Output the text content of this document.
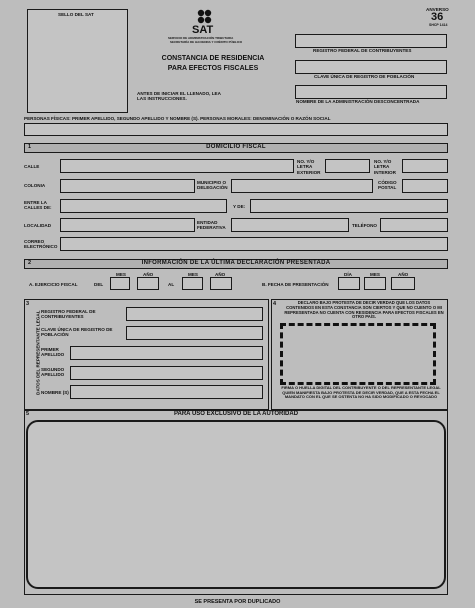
SELLO DEL SAT
SAT
SERVICIO DE ADMINISTRACIÓN TRIBUTARIA
SECRETARÍA DE HACIENDA Y CRÉDITO PÚBLICO
CONSTANCIA DE RESIDENCIA
PARA EFECTOS FISCALES
ANTES DE INICIAR EL LLENADO, LEA LAS INSTRUCCIONES.
ANVERSO
36
SHCP 1414
REGISTRO FEDERAL DE CONTRIBUYENTES
CLAVE ÚNICA DE REGISTRO DE POBLACIÓN
NOMBRE DE LA ADMINISTRACIÓN DESCONCENTRADA
PERSONAS FÍSICAS: PRIMER APELLIDO, SEGUNDO APELLIDO Y NOMBRE (S). PERSONAS MORALES: DENOMINACIÓN O RAZÓN SOCIAL
1	DOMICILIO FISCAL
CALLE
NO. Y/O LETRA EXTERIOR
NO. Y/O LETRA INTERIOR
COLONIA
MUNICIPIO O DELEGACIÓN
CÓDIGO POSTAL
ENTRE LA CALLES DE:	Y DE:
LOCALIDAD
ENTIDAD FEDERATIVA	TELÉFONO
CORREO ELECTRÓNICO
2	INFORMACIÓN DE LA ÚLTIMA DECLARACIÓN PRESENTADA
A. EJERCICIO FISCAL	DEL
MES	AÑO
AL
MES	AÑO
B. FECHA DE PRESENTACIÓN
DÍA	MES	AÑO
3
DATOS DEL REPRESENTANTE LEGAL REGISTRO FEDERAL DE CONTRIBUYENTES
CLAVE ÚNICA DE REGISTRO DE POBLACIÓN
PRIMER APELLIDO
SEGUNDO APELLIDO
NOMBRE (S)
4	DECLARO BAJO PROTESTA DE DECIR VERDAD QUE LOS DATOS CONTENIDOS EN ESTA CONSTANCIA SON CIERTOS Y QUE NO CUENTO O MI REPRESENTADA NO CUENTA CON RESIDENCIA PARA EFECTOS FISCALES EN OTRO PAÍS.
FIRMA O HUELLA DIGITAL DEL CONTRIBUYENTE O DEL REPRESENTANTE LEGAL QUIEN MANIFIESTA BAJO PROTESTA DE DECIR VERDAD, QUE A ESTA FECHA EL MANDATO CON EL QUE SE OSTENTA NO HA SIDO MODIFICADO O REVOCADO
5	PARA USO EXCLUSIVO DE LA AUTORIDAD
SE PRESENTA POR DUPLICADO
